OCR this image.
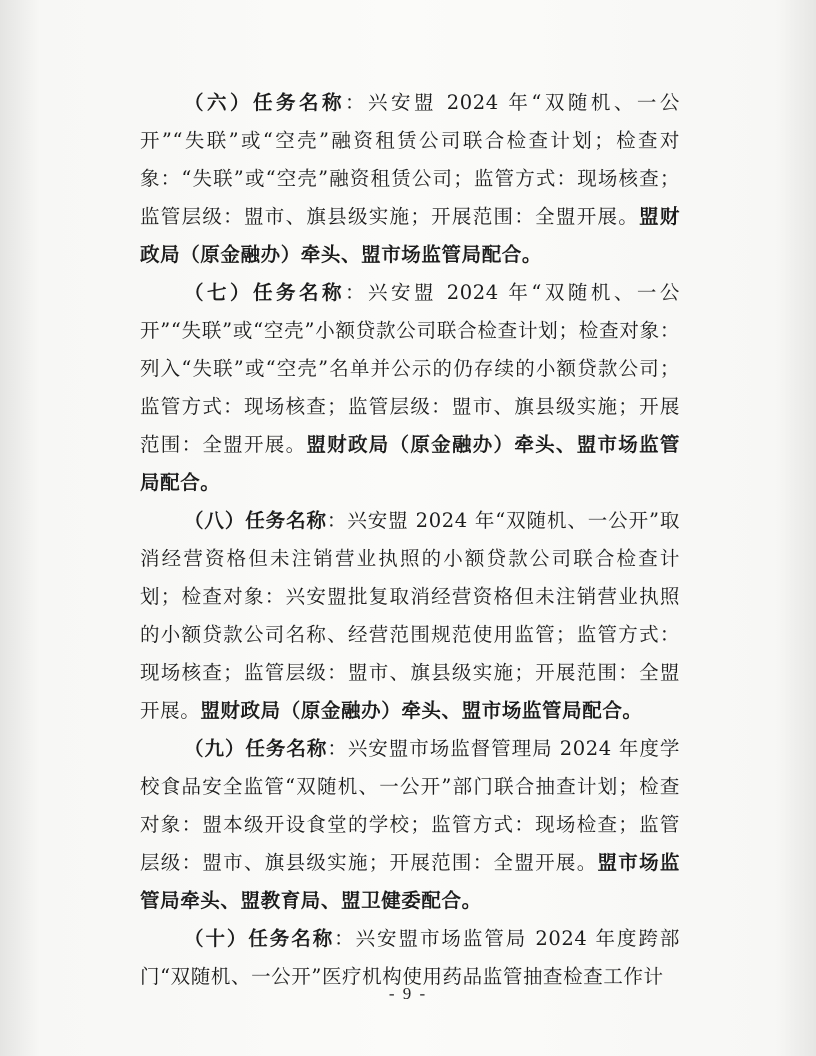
（六）任务名称：兴安盟 2024 年“双随机、一公开”“失联”或“空壳”融资租赁公司联合检查计划；检查对象：“失联”或“空壳”融资租赁公司；监管方式：现场核查；监管层级：盟市、旗县级实施；开展范围：全盟开展。盟财政局（原金融办）牵头、盟市场监管局配合。

（七）任务名称：兴安盟 2024 年“双随机、一公开”“失联”或“空壳”小额贷款公司联合检查计划；检查对象：列入“失联”或“空壳”名单并公示的仍存续的小额贷款公司；监管方式：现场核查；监管层级：盟市、旗县级实施；开展范围：全盟开展。盟财政局（原金融办）牵头、盟市场监管局配合。

（八）任务名称：兴安盟 2024 年“双随机、一公开”取消经营资格但未注销营业执照的小额贷款公司联合检查计划；检查对象：兴安盟批复取消经营资格但未注销营业执照的小额贷款公司名称、经营范围规范使用监管；监管方式：现场核查；监管层级：盟市、旗县级实施；开展范围：全盟开展。盟财政局（原金融办）牵头、盟市场监管局配合。

（九）任务名称：兴安盟市场监督管理局 2024 年度学校食品安全监管“双随机、一公开”部门联合抽查计划；检查对象：盟本级开设食堂的学校；监管方式：现场检查；监管层级：盟市、旗县级实施；开展范围：全盟开展。盟市场监管局牵头、盟教育局、盟卫健委配合。

（十）任务名称：兴安盟市场监管局 2024 年度跨部门“双随机、一公开”医疗机构使用药品监管抽查检查工作计

- 9 -
